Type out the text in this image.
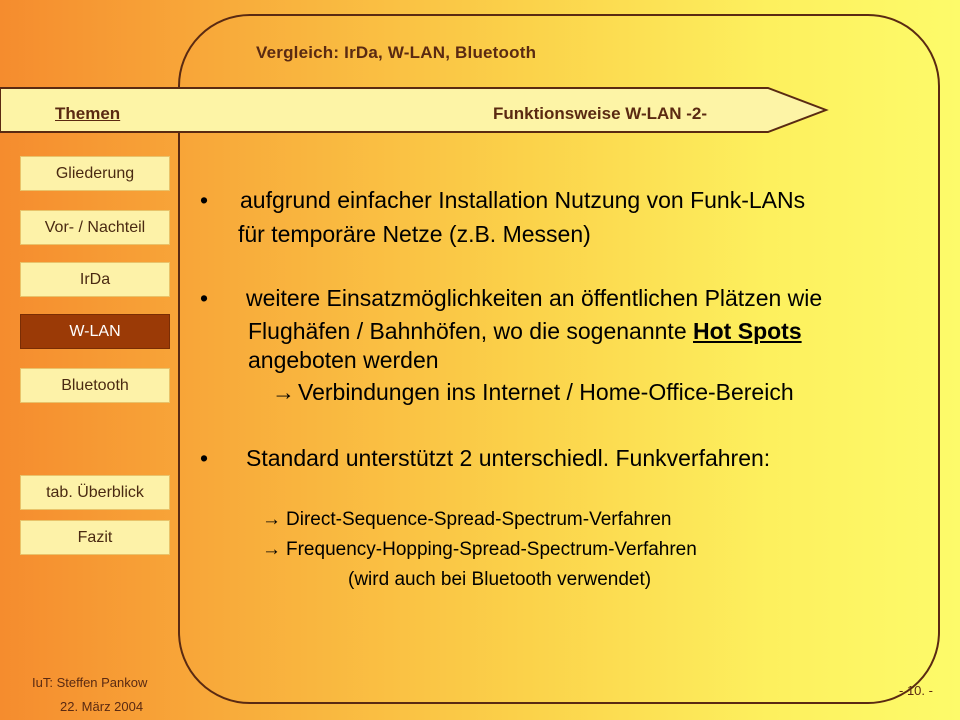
Vergleich: IrDa, W-LAN, Bluetooth
Themen	Funktionsweise W-LAN -2-
Gliederung
Vor- / Nachteil
IrDa
W-LAN
Bluetooth
tab. Überblick
Fazit
• aufgrund einfacher Installation Nutzung von Funk-LANs
für temporäre Netze (z.B. Messen)
• weitere Einsatzmöglichkeiten an öffentlichen Plätzen wie
Flughäfen / Bahnhöfen, wo die sogenannte Hot Spots
angeboten werden
→ Verbindungen ins Internet / Home-Office-Bereich
• Standard unterstützt 2 unterschiedl. Funkverfahren:
→ Direct-Sequence-Spread-Spectrum-Verfahren
→ Frequency-Hopping-Spread-Spectrum-Verfahren
(wird auch bei Bluetooth verwendet)
IuT: Steffen Pankow
22. März 2004
- 10. -
